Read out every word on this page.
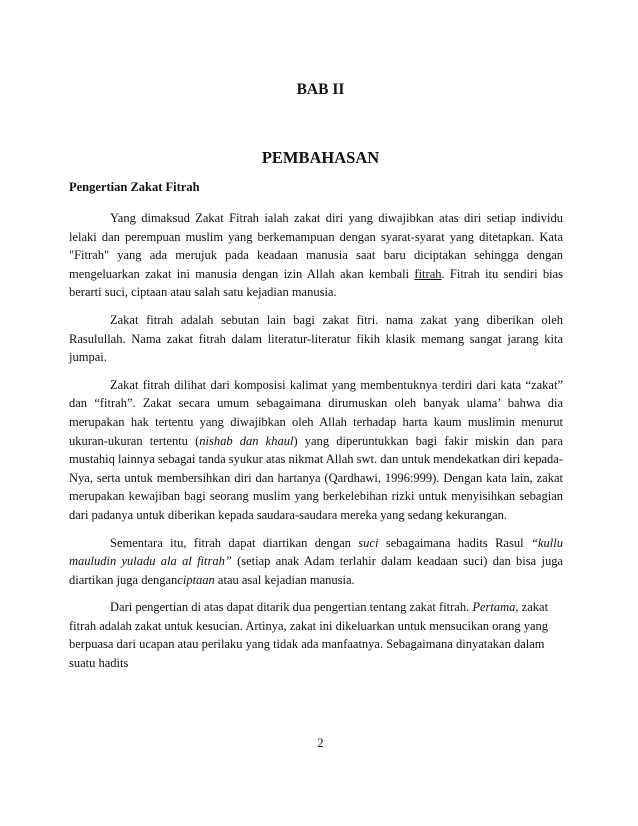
BAB II
PEMBAHASAN
Pengertian Zakat Fitrah

Yang dimaksud Zakat Fitrah ialah zakat diri yang diwajibkan atas diri setiap individu lelaki dan perempuan muslim yang berkemampuan dengan syarat-syarat yang ditetapkan. Kata "Fitrah" yang ada merujuk pada keadaan manusia saat baru diciptakan sehingga dengan mengeluarkan zakat ini manusia dengan izin Allah akan kembali fitrah. Fitrah itu sendiri bias berarti suci, ciptaan atau salah satu kejadian manusia.

Zakat fitrah adalah sebutan lain bagi zakat fitri. nama zakat yang diberikan oleh Rasulullah. Nama zakat fitrah dalam literatur-literatur fikih klasik memang sangat jarang kita jumpai.

Zakat fitrah dilihat dari komposisi kalimat yang membentuknya terdiri dari kata “zakat” dan “fitrah”. Zakat secara umum sebagaimana dirumuskan oleh banyak ulama’ bahwa dia merupakan hak tertentu yang diwajibkan oleh Allah terhadap harta kaum muslimin menurut ukuran-ukuran tertentu (nishab dan khaul) yang diperuntukkan bagi fakir miskin dan para mustahiq lainnya sebagai tanda syukur atas nikmat Allah swt. dan untuk mendekatkan diri kepada-Nya, serta untuk membersihkan diri dan hartanya (Qardhawi, 1996:999). Dengan kata lain, zakat merupakan kewajiban bagi seorang muslim yang berkelebihan rizki untuk menyisihkan sebagian dari padanya untuk diberikan kepada saudara-saudara mereka yang sedang kekurangan.

Sementara itu, fitrah dapat diartikan dengan suci sebagaimana hadits Rasul “kullu mauludin yuladu ala al fitrah” (setiap anak Adam terlahir dalam keadaan suci) dan bisa juga diartikan juga denganciptaan atau asal kejadian manusia.

Dari pengertian di atas dapat ditarik dua pengertian tentang zakat fitrah. Pertama, zakat fitrah adalah zakat untuk kesucian. Artinya, zakat ini dikeluarkan untuk mensucikan orang yang berpuasa dari ucapan atau perilaku yang tidak ada manfaatnya. Sebagaimana dinyatakan dalam suatu hadits

2
